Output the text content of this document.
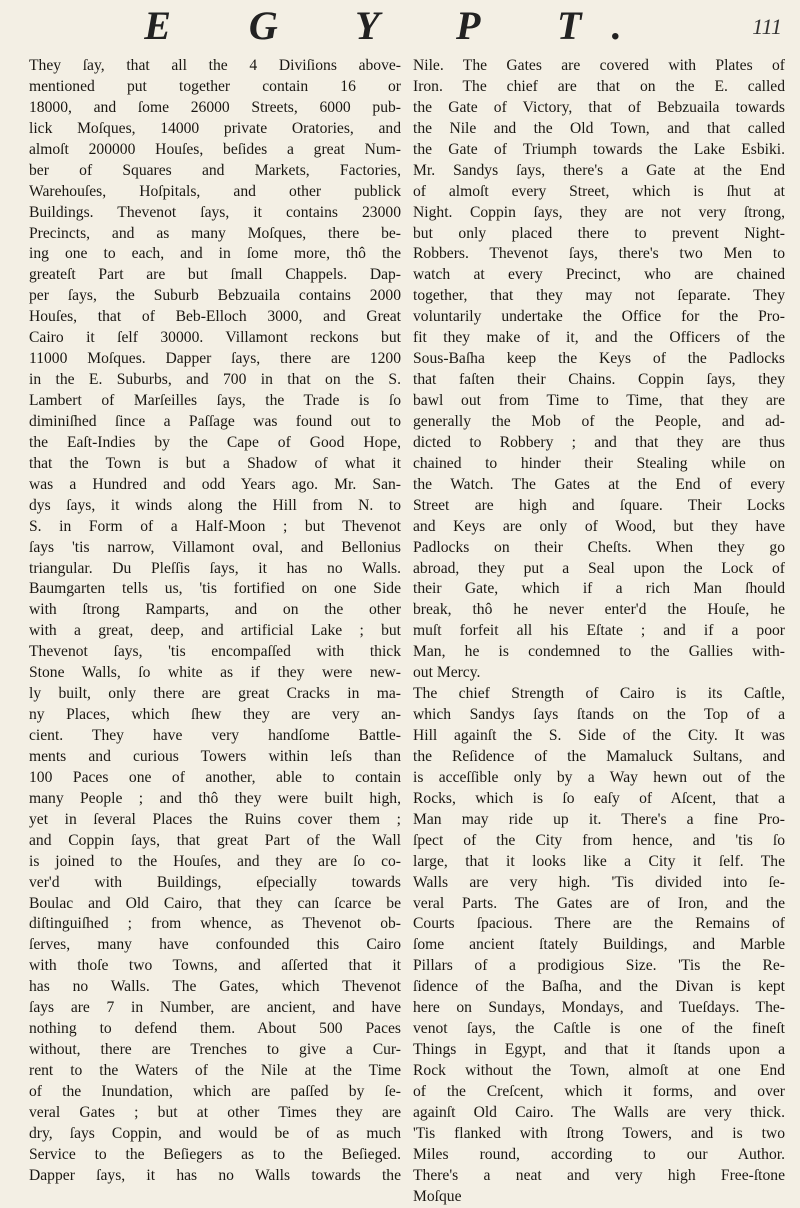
E G Y P T.	111
They ſay, that all the 4 Diviſions above-
mentioned put together contain 16 or
18000, and ſome 26000 Streets, 6000 pub-
lick Moſques, 14000 private Oratories, and
almoſt 200000 Houſes, beſides a great Num-
ber of Squares and Markets, Factories,
Warehouſes, Hoſpitals, and other publick
Buildings. Thevenot ſays, it contains 23000
Precincts, and as many Moſques, there be-
ing one to each, and in ſome more, thô the
greateſt Part are but ſmall Chappels. Dap-
per ſays, the Suburb Bebzuaila contains 2000
Houſes, that of Beb-Elloch 3000, and Great
Cairo it ſelf 30000. Villamont reckons but
11000 Moſques. Dapper ſays, there are 1200
in the E. Suburbs, and 700 in that on the S.
Lambert of Marſeilles ſays, the Trade is ſo
diminiſhed ſince a Paſſage was found out to
the Eaſt-Indies by the Cape of Good Hope,
that the Town is but a Shadow of what it
was a Hundred and odd Years ago. Mr. San-
dys ſays, it winds along the Hill from N. to
S. in Form of a Half-Moon ; but Thevenot
ſays 'tis narrow, Villamont oval, and Bellonius
triangular. Du Pleſſis ſays, it has no Walls.
Baumgarten tells us, 'tis fortified on one Side
with ſtrong Ramparts, and on the other
with a great, deep, and artificial Lake ; but
Thevenot ſays, 'tis encompaſſed with thick
Stone Walls, ſo white as if they were new-
ly built, only there are great Cracks in ma-
ny Places, which ſhew they are very an-
cient. They have very handſome Battle-
ments and curious Towers within leſs than
100 Paces one of another, able to contain
many People ; and thô they were built high,
yet in ſeveral Places the Ruins cover them ;
and Coppin ſays, that great Part of the Wall
is joined to the Houſes, and they are ſo co-
ver'd with Buildings, eſpecially towards
Boulac and Old Cairo, that they can ſcarce be
diſtinguiſhed ; from whence, as Thevenot ob-
ſerves, many have confounded this Cairo
with thoſe two Towns, and aſſerted that it
has no Walls. The Gates, which Thevenot
ſays are 7 in Number, are ancient, and have
nothing to defend them. About 500 Paces
without, there are Trenches to give a Cur-
rent to the Waters of the Nile at the Time
of the Inundation, which are paſſed by ſe-
veral Gates ; but at other Times they are
dry, ſays Coppin, and would be of as much
Service to the Beſiegers as to the Beſieged.
Dapper ſays, it has no Walls towards the
Nile. The Gates are covered with Plates of
Iron. The chief are that on the E. called
the Gate of Victory, that of Bebzuaila towards
the Nile and the Old Town, and that called
the Gate of Triumph towards the Lake Esbiki.
Mr. Sandys ſays, there's a Gate at the End
of almoſt every Street, which is ſhut at
Night. Coppin ſays, they are not very ſtrong,
but only placed there to prevent Night-
Robbers. Thevenot ſays, there's two Men to
watch at every Precinct, who are chained
together, that they may not ſeparate. They
voluntarily undertake the Office for the Pro-
fit they make of it, and the Officers of the
Sous-Baſha keep the Keys of the Padlocks
that faſten their Chains. Coppin ſays, they
bawl out from Time to Time, that they are
generally the Mob of the People, and ad-
dicted to Robbery ; and that they are thus
chained to hinder their Stealing while on
the Watch. The Gates at the End of every
Street are high and ſquare. Their Locks
and Keys are only of Wood, but they have
Padlocks on their Cheſts. When they go
abroad, they put a Seal upon the Lock of
their Gate, which if a rich Man ſhould
break, thô he never enter'd the Houſe, he
muſt forfeit all his Eſtate ; and if a poor
Man, he is condemned to the Gallies with-
out Mercy.
The chief Strength of Cairo is its Caſtle,
which Sandys ſays ſtands on the Top of a
Hill againſt the S. Side of the City. It was
the Reſidence of the Mamaluck Sultans, and
is acceſſible only by a Way hewn out of the
Rocks, which is ſo eaſy of Aſcent, that a
Man may ride up it. There's a fine Pro-
ſpect of the City from hence, and 'tis ſo
large, that it looks like a City it ſelf. The
Walls are very high. 'Tis divided into ſe-
veral Parts. The Gates are of Iron, and the
Courts ſpacious. There are the Remains of
ſome ancient ſtately Buildings, and Marble
Pillars of a prodigious Size. 'Tis the Re-
ſidence of the Baſha, and the Divan is kept
here on Sundays, Mondays, and Tueſdays. The-
venot ſays, the Caſtle is one of the fineſt
Things in Egypt, and that it ſtands upon a
Rock without the Town, almoſt at one End
of the Creſcent, which it forms, and over
againſt Old Cairo. The Walls are very thick.
'Tis flanked with ſtrong Towers, and is two
Miles round, according to our Author.
There's a neat and very high Free-ſtone
Moſque
